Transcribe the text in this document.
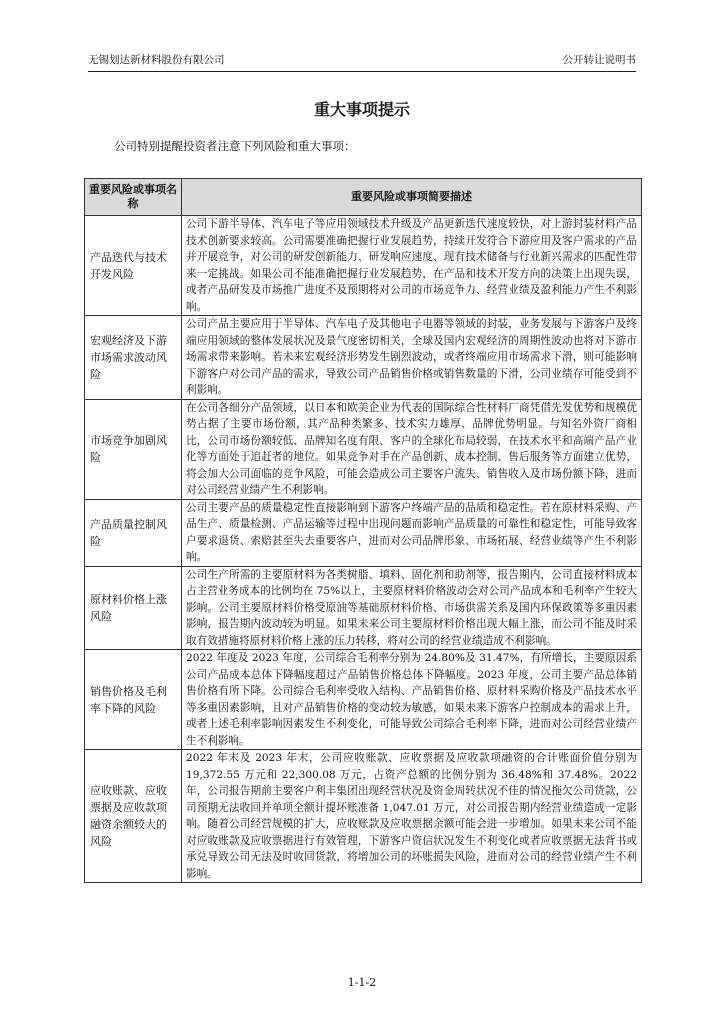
无锡划达新材料股份有限公司	公开转让说明书
重大事项提示
公司特别提醒投资者注意下列风险和重大事项：
重要风险或事项名称	重要风险或事项简要描述
产品迭代与技术开发风险	公司下游半导体、汽车电子等应用领域技术升级及产品更新迭代速度较快，对上游封装材料产品技术创新要求较高。公司需要准确把握行业发展趋势，持续开发符合下游应用及客户需求的产品并开展竞争，对公司的研发创新能力、研发响应速度、现有技术储备与行业新兴需求的匹配性带来一定挑战。如果公司不能准确把握行业发展趋势，在产品和技术开发方向的决策上出现失误，或者产品研发及市场推广进度不及预期将对公司的市场竞争力、经营业绩及盈利能力产生不利影响。
宏观经济及下游市场需求波动风险	公司产品主要应用于半导体、汽车电子及其他电子电器等领域的封装，业务发展与下游客户及终端应用领域的整体发展状况及景气度密切相关，全球及国内宏观经济的周期性波动也将对下游市场需求带来影响。若未来宏观经济形势发生剧烈波动，或者终端应用市场需求下滑，则可能影响下游客户对公司产品的需求，导致公司产品销售价格或销售数量的下滑，公司业绩存可能受到不利影响。
市场竞争加剧风险	在公司各细分产品领域，以日本和欧美企业为代表的国际综合性材料厂商凭借先发优势和规模优势占据了主要市场份额，其产品种类繁多、技术实力雄厚、品牌优势明显。与知名外资厂商相比，公司市场份额较低、品牌知名度有限、客户的全球化布局较弱，在技术水平和高端产品产业化等方面处于追赶者的地位。如果竞争对手在产品创新、成本控制、售后服务等方面建立优势，将会加大公司面临的竞争风险，可能会造成公司主要客户流失、销售收入及市场份额下降，进而对公司经营业绩产生不利影响。
产品质量控制风险	公司主要产品的质量稳定性直接影响到下游客户终端产品的品质和稳定性。若在原材料采购、产品生产、质量检测、产品运输等过程中出现问题而影响产品质量的可靠性和稳定性，可能导致客户要求退货、索赔甚至失去重要客户，进而对公司品牌形象、市场拓展、经营业绩等产生不利影响。
原材料价格上涨风险	公司生产所需的主要原材料为各类树脂、填料、固化剂和助剂等，报告期内，公司直接材料成本占主营业务成本的比例均在 75%以上，主要原材料价格波动会对公司产品成本和毛利率产生较大影响。公司主要原材料价格受原油等基础原材料价格、市场供需关系及国内环保政策等多重因素影响，报告期内波动较为明显。如果未来公司主要原材料价格出现大幅上涨，而公司不能及时采取有效措施将原材料价格上涨的压力转移，将对公司的经营业绩造成不利影响。
销售价格及毛利率下降的风险	2022 年度及 2023 年度，公司综合毛利率分别为 24.80%及 31.47%，有所增长，主要原因系公司产品成本总体下降幅度超过产品销售价格总体下降幅度。2023 年度，公司主要产品总体销售价格有所下降。公司综合毛利率受收入结构、产品销售价格、原材料采购价格及产品技术水平等多重因素影响，且对产品销售价格的变动较为敏感，如果未来下游客户控制成本的需求上升，或者上述毛利率影响因素发生不利变化，可能导致公司综合毛利率下降，进而对公司经营业绩产生不利影响。
应收账款、应收票据及应收款项融资余额较大的风险	2022 年末及 2023 年末，公司应收账款、应收票据及应收款项融资的合计账面价值分别为 19,372.55 万元和 22,300.08 万元，占资产总额的比例分别为 36.48%和 37.48%。2022 年，公司报告期前主要客户利丰集团出现经营状况及资金周转状况不佳的情况拖欠公司货款，公司预期无法收回并单项全额计提坏账准备 1,047.01 万元，对公司报告期内经营业绩造成一定影响。随着公司经营规模的扩大，应收账款及应收票据余额可能会进一步增加。如果未来公司不能对应收账款及应收票据进行有效管理，下游客户资信状况发生不利变化或者应收票据无法背书或承兑导致公司无法及时收回货款，将增加公司的坏账损失风险，进而对公司的经营业绩产生不利影响。
1-1-2
